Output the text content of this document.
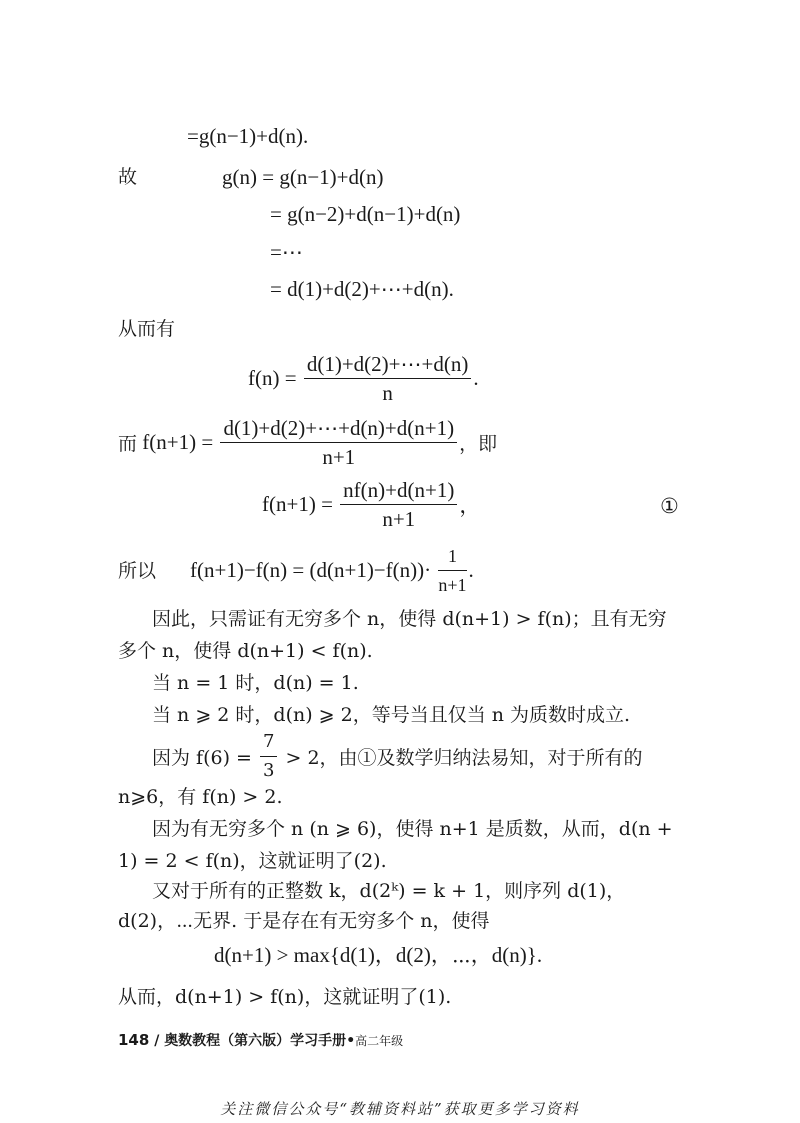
=g(n−1)+d(n).
故	g(n) = g(n−1)+d(n)
= g(n−2)+d(n−1)+d(n)
=⋯
= d(1)+d(2)+⋯+d(n).
从而有
$f(n) = \frac{d(1)+d(2)+\cdots+d(n)}{n}$ .
而 $f(n+1) = \frac{d(1)+d(2)+\cdots+d(n)+d(n+1)}{n+1}$ ，即
$f(n+1) = \frac{nf(n)+d(n+1)}{n+1}$ ，	①
所以 $f(n+1)-f(n) = (d(n+1)-f(n))\cdot \frac{1}{n+1}$ .
因此，只需证有无穷多个 n，使得 d(n+1) > f(n)；且有无穷
多个 n，使得 d(n+1) < f(n).
当 n = 1 时，d(n) = 1.
当 n ⩾ 2 时，d(n) ⩾ 2，等号当且仅当 n 为质数时成立.
因为 $f(6) = \frac{7}{3} > 2$，由①及数学归纳法易知，对于所有的
n⩾6，有 f(n) > 2.
因为有无穷多个 n (n ⩾ 6)，使得 n+1 是质数，从而，d(n +
1) = 2 < f(n)，这就证明了(2).
又对于所有的正整数 k，d(2ᵏ) = k + 1，则序列 d(1)，
d(2)，⋯无界. 于是存在有无穷多个 n，使得
d(n+1) > max{d(1)，d(2)，⋯，d(n)}.
从而，d(n+1) > f(n)，这就证明了(1).
148 / 奥数教程（第六版）学习手册•高二年级
关注微信公众号“教辅资料站”获取更多学习资料
